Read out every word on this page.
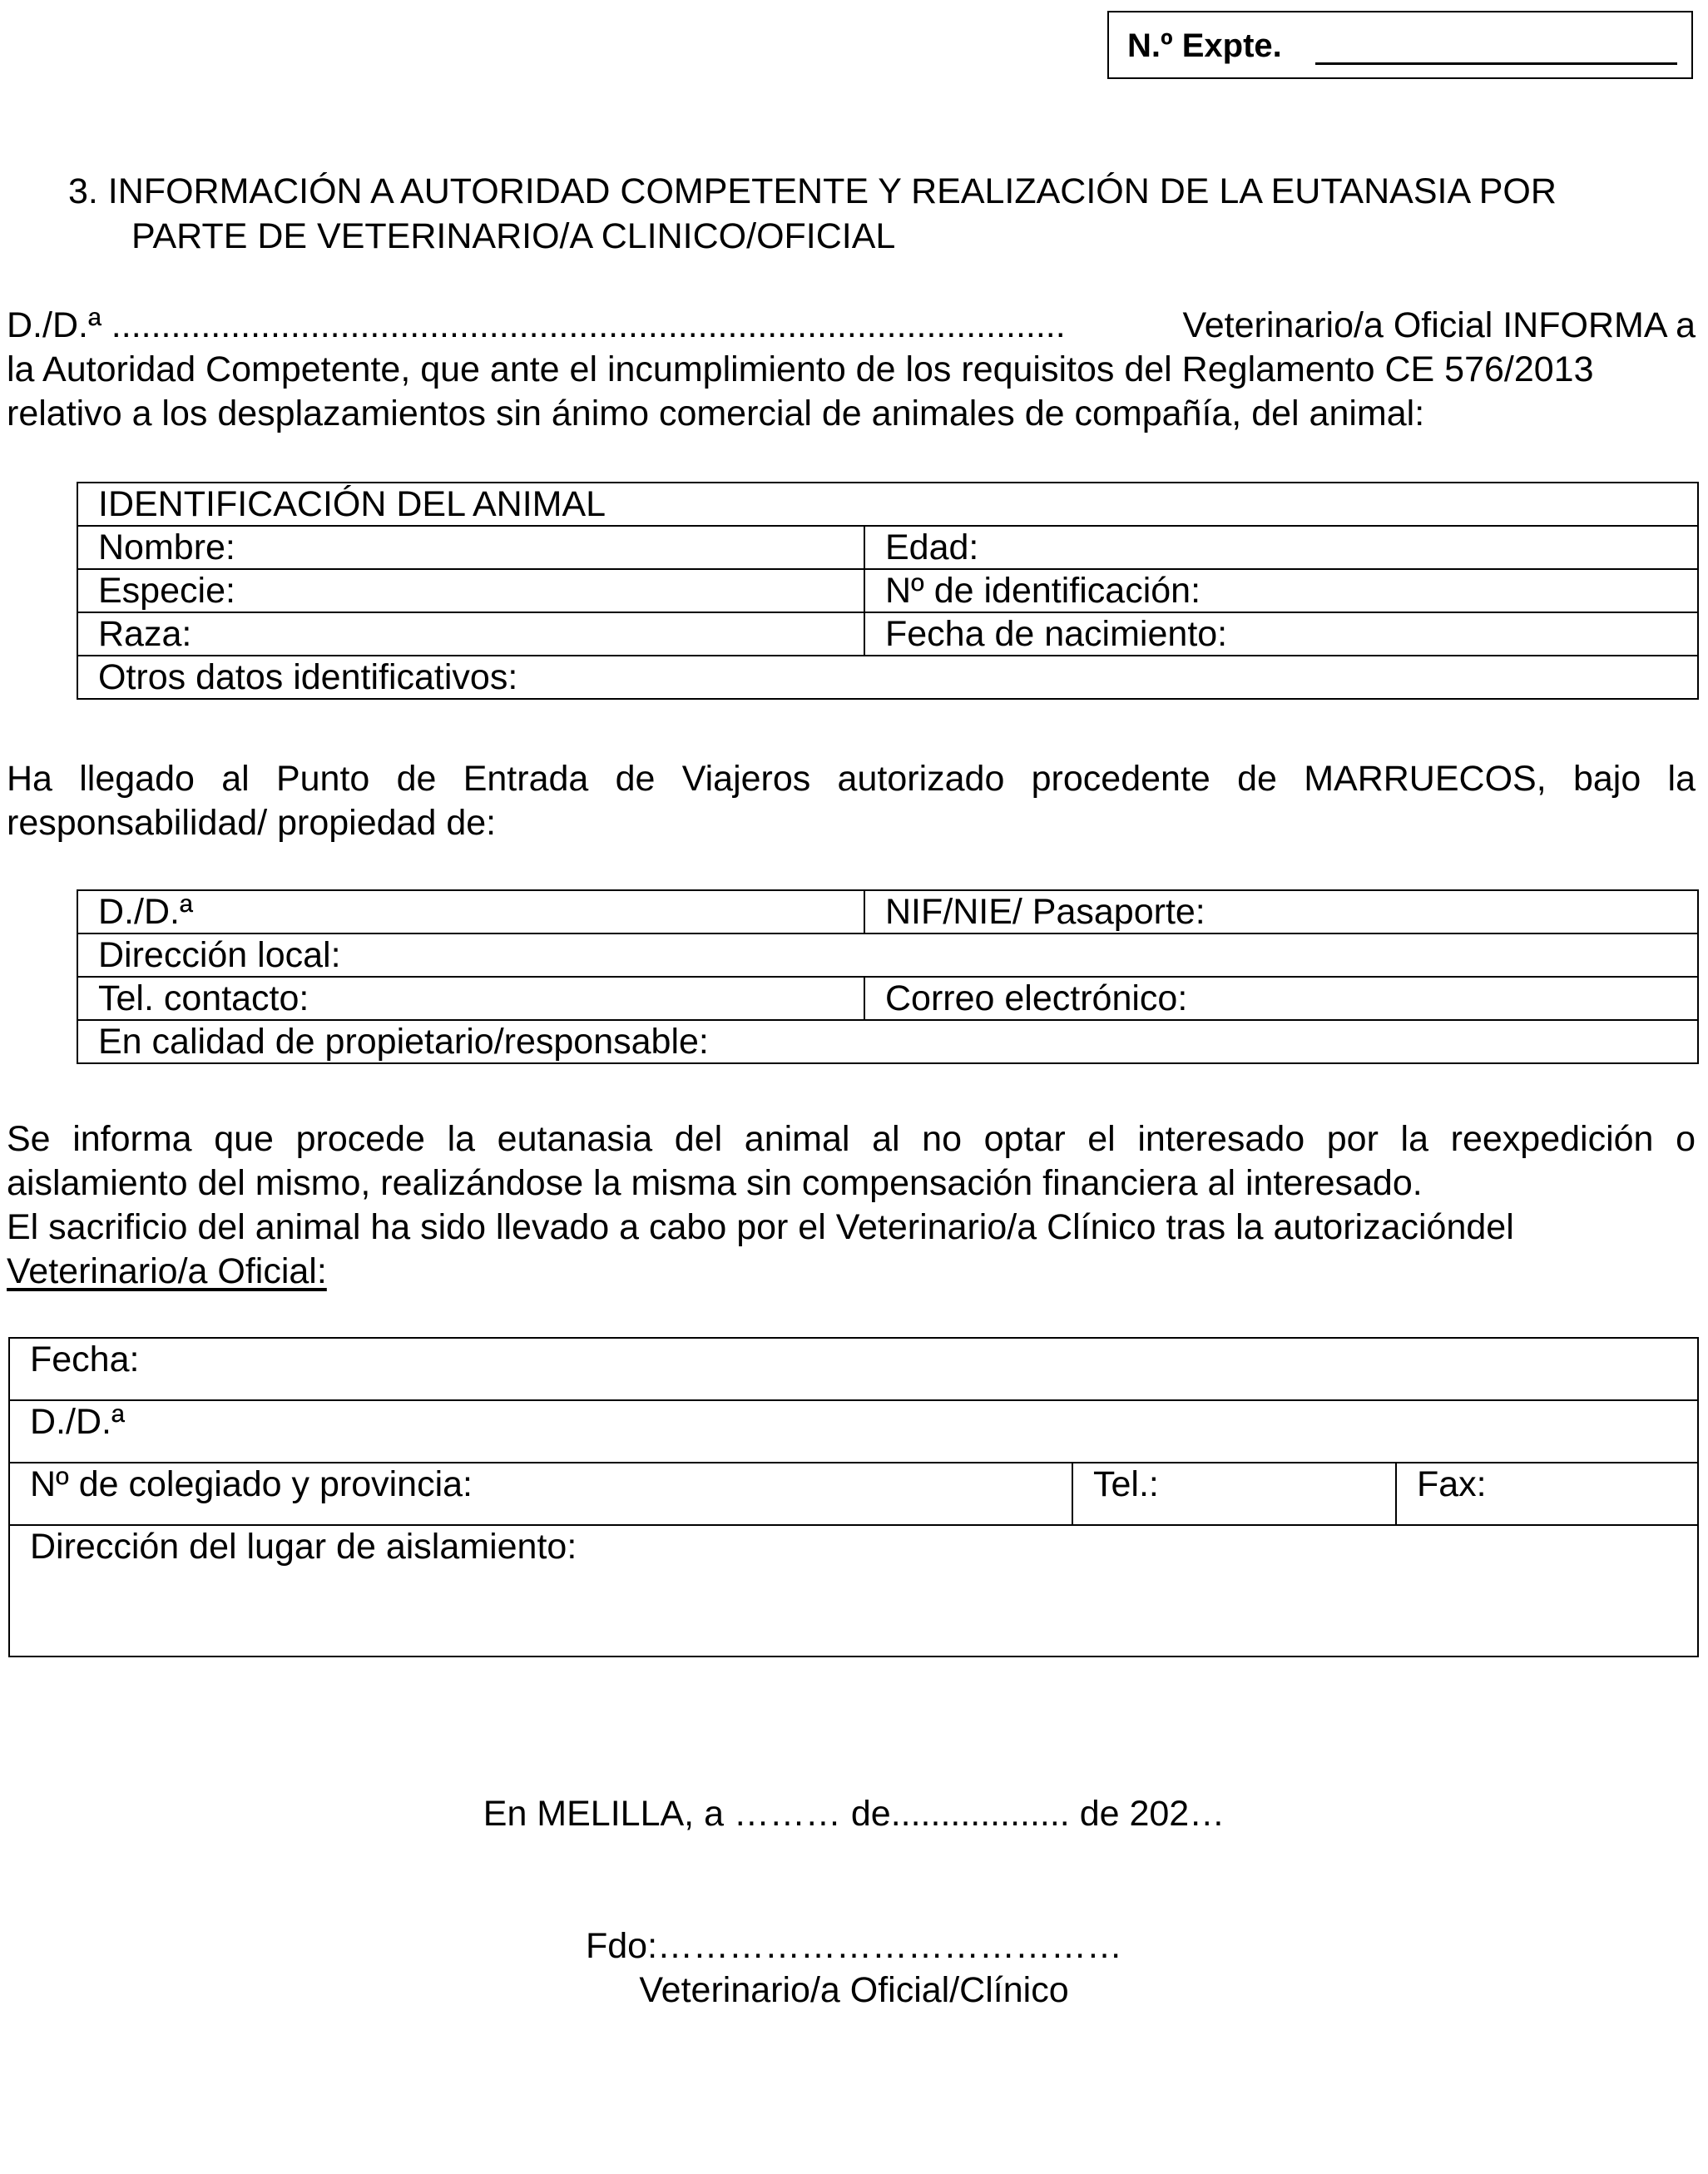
N.º Expte.
3. INFORMACIÓN A AUTORIDAD COMPETENTE Y REALIZACIÓN DE LA EUTANASIA POR
PARTE DE VETERINARIO/A CLINICO/OFICIAL
D./D.ª ................................................................................................	Veterinario/a Oficial INFORMA a
la Autoridad Competente, que ante el incumplimiento de los requisitos del Reglamento CE 576/2013
relativo a los desplazamientos sin ánimo comercial de animales de compañía, del animal:
IDENTIFICACIÓN DEL ANIMAL	
Nombre:	Edad:
Especie:	Nº de identificación:
Raza:	Fecha de nacimiento:
Otros datos identificativos:	
Ha llegado al Punto de Entrada de Viajeros autorizado procedente de MARRUECOS, bajo la
responsabilidad/ propiedad de:
D./D.ª	NIF/NIE/ Pasaporte:
Dirección local:	
Tel. contacto:	Correo electrónico:
En calidad de propietario/responsable:	
Se informa que procede la eutanasia del animal al no optar el interesado por la reexpedición o
aislamiento del mismo, realizándose la misma sin compensación financiera al interesado.
El sacrificio del animal ha sido llevado a cabo por el Veterinario/a Clínico tras la autorizacióndel
Veterinario/a Oficial:
Fecha:
D./D.ª
Nº de colegiado y provincia:	Tel.:	Fax:
Dirección del lugar de aislamiento:
En MELILLA, a ……… de.................. de 202…
Fdo:…………………………………
Veterinario/a Oficial/Clínico
